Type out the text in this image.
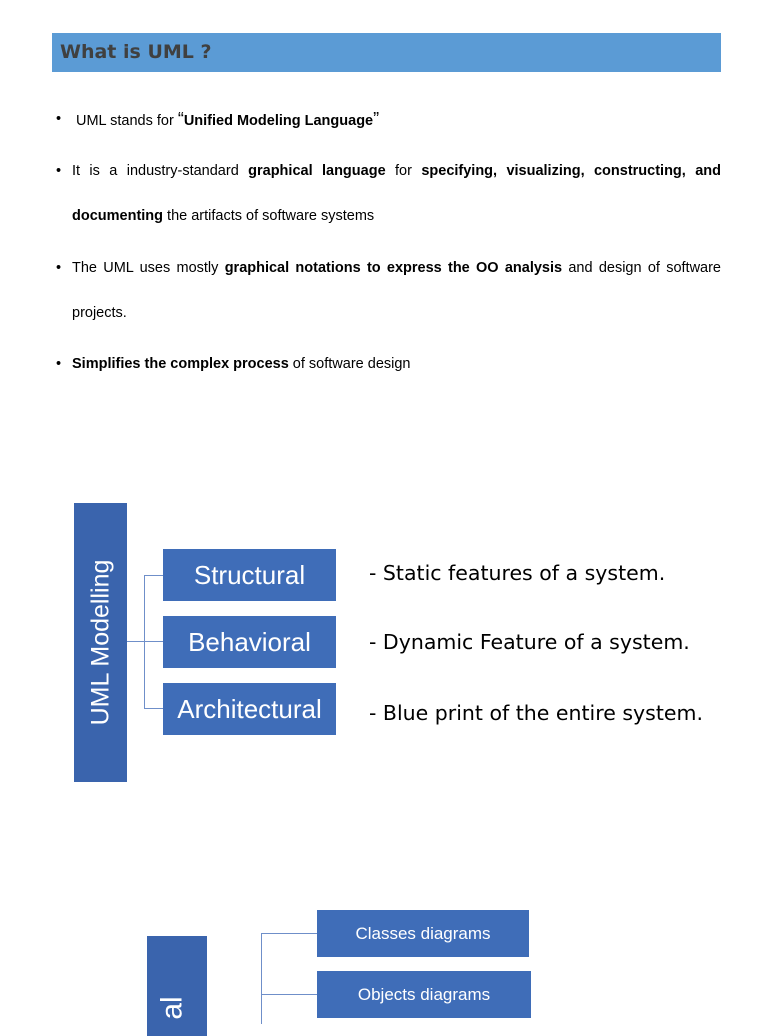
What is UML ?
•	UML stands for “Unified Modeling Language”
• It is a industry-standard graphical language for specifying, visualizing, constructing, and documenting the artifacts of software systems
• The UML uses mostly graphical notations to express the OO analysis and design of software projects.
• Simplifies the complex process of software design
UML Modelling	Structural
Behavioral
Architectural
- Static features of a system.
- Dynamic Feature of a system.
- Blue print of the entire system.
al
Classes diagrams
Objects diagrams
